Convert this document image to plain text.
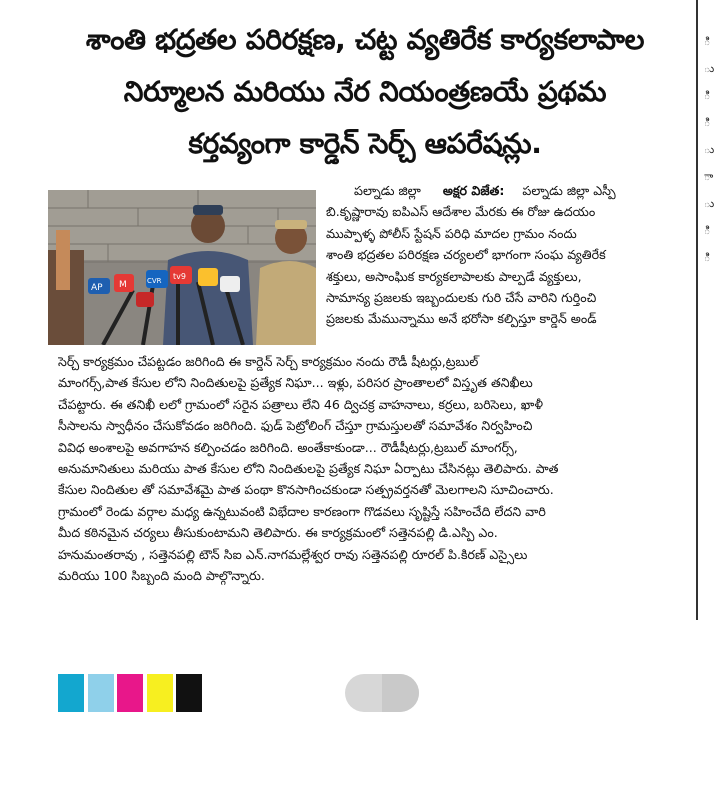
ి
ు
ి
ి
ు
ా
ు
ి
ి
శాంతి భద్రతల పరిరక్షణ, చట్ట వ్యతిరేక కార్యకలాపాల
నిర్మూలన మరియు నేర నియంత్రణయే ప్రథమ
కర్తవ్యంగా కార్డెన్ సెర్చ్ ఆపరేషన్లు.
AP M	CVR tv9
పల్నాడు జిల్లా అక్షర విజేత: పల్నాడు జిల్లా ఎస్పీ
బి.కృష్ణారావు ఐపిఎస్ ఆదేశాల మేరకు ఈ రోజు ఉదయం
ముప్పాళ్ళ పోలీస్ స్టేషన్ పరిధి మాదల గ్రామం నందు
శాంతి భద్రతల పరిరక్షణ చర్యలలో భాగంగా సంఘ వ్యతిరేక
శక్తులు, అసాంఘిక కార్యకలాపాలకు పాల్పడే వ్యక్తులు,
సామాన్య ప్రజలకు ఇబ్బందులకు గురి చేసే వారిని గుర్తించి
ప్రజలకు మేమున్నాము అనే భరోసా కల్పిస్తూ కార్డెన్ అండ్
సెర్చ్ కార్యక్రమం చేపట్టడం జరిగింది ఈ కార్డెన్ సెర్చ్ కార్యక్రమం నందు రౌడీ షీటర్లు,ట్రబుల్
మాంగర్స్,పాత కేసుల లోని నిందితులపై ప్రత్యేక నిఘా... ఇళ్లు, పరిసర ప్రాంతాలలో విస్తృత తనిఖీలు
చేపట్టారు. ఈ తనిఖీ లలో గ్రామంలో సరైన పత్రాలు లేని 46 ద్విచక్ర వాహనాలు, కర్రలు, బరిసెలు, ఖాళీ
సీసాలను స్వాధీనం చేసుకోవడం జరిగింది. ఫుడ్ పెట్రోలింగ్ చేస్తూ గ్రామస్తులతో సమావేశం నిర్వహించి
వివిధ అంశాలపై అవగాహన కల్పించడం జరిగింది. అంతేకాకుండా... రౌడీషీటర్లు,ట్రబుల్ మాంగర్స్,
అనుమానితులు మరియు పాత కేసుల లోని నిందితులపై ప్రత్యేక నిఘా ఏర్పాటు చేసినట్లు తెలిపారు. పాత
కేసుల నిందితుల తో సమావేశమై పాత పంథా కొనసాగించకుండా సత్ప్రవర్తనతో మెలగాలని సూచించారు.
గ్రామంలో రెండు వర్గాల మధ్య ఉన్నటువంటి విభేదాల కారణంగా గొడవలు సృష్టిస్తే సహించేది లేదని వారి
మీద కఠినమైన చర్యలు తీసుకుంటామని తెలిపారు. ఈ కార్యక్రమంలో సత్తెనపల్లి డి.ఎస్పి ఎం.
హనుమంతరావు , సత్తెనపల్లి టౌన్ సిఐ ఎన్.నాగమల్లేశ్వర రావు సత్తెనపల్లి రూరల్ పి.కిరణ్ ఎస్సైలు
మరియు 100 సిబ్బంది మంది పాల్గొన్నారు.
